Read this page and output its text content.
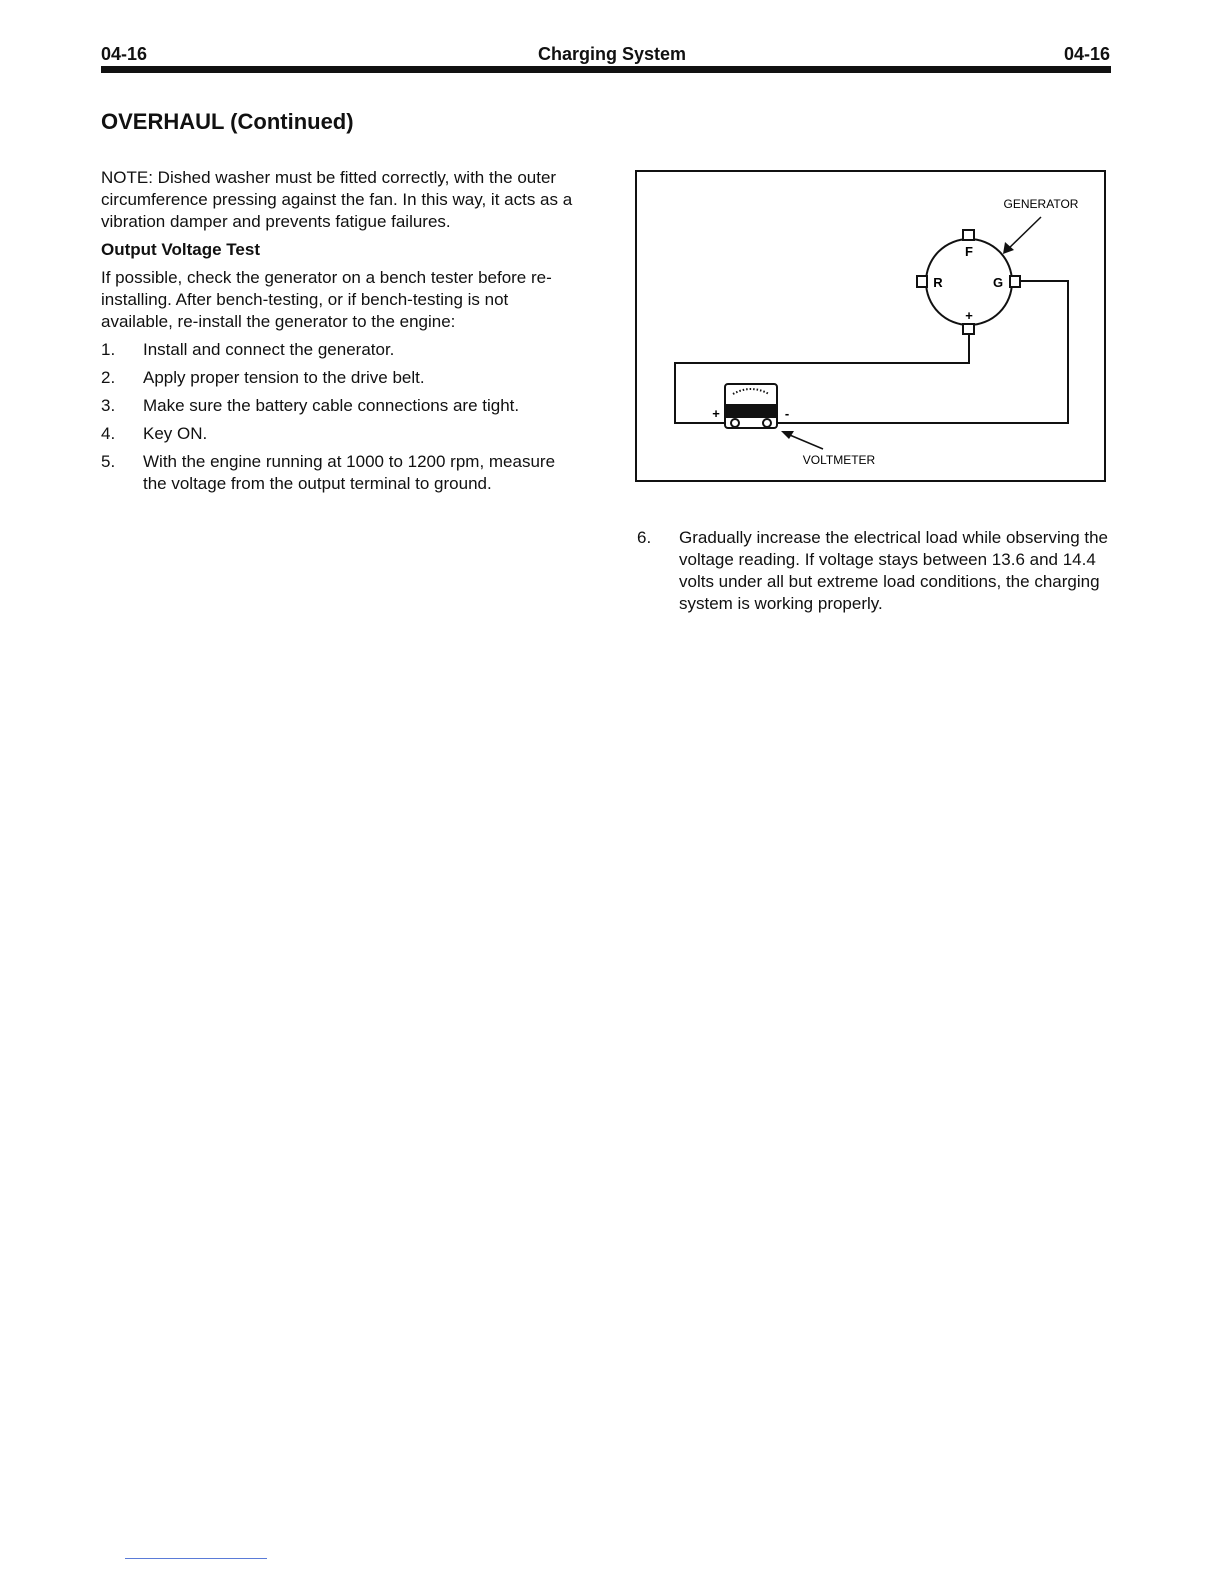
04-16	Charging System	04-16
OVERHAUL (Continued)

NOTE: Dished washer must be fitted correctly, with the outer circumference pressing against the fan. In this way, it acts as a vibration damper and prevents fatigue failures.

Output Voltage Test

If possible, check the generator on a bench tester before re-installing. After bench-testing, or if bench-testing is not available, re-install the generator to the engine:

1. Install and connect the generator.
2. Apply proper tension to the drive belt.
3. Make sure the battery cable connections are tight.
4. Key ON.
5. With the engine running at 1000 to 1200 rpm, measure the voltage from the output terminal to ground.
F
R	G
+
GENERATOR
+	-
VOLTMETER
6. Gradually increase the electrical load while observing the voltage reading. If voltage stays between 13.6 and 14.4 volts under all but extreme load conditions, the charging system is working properly.
